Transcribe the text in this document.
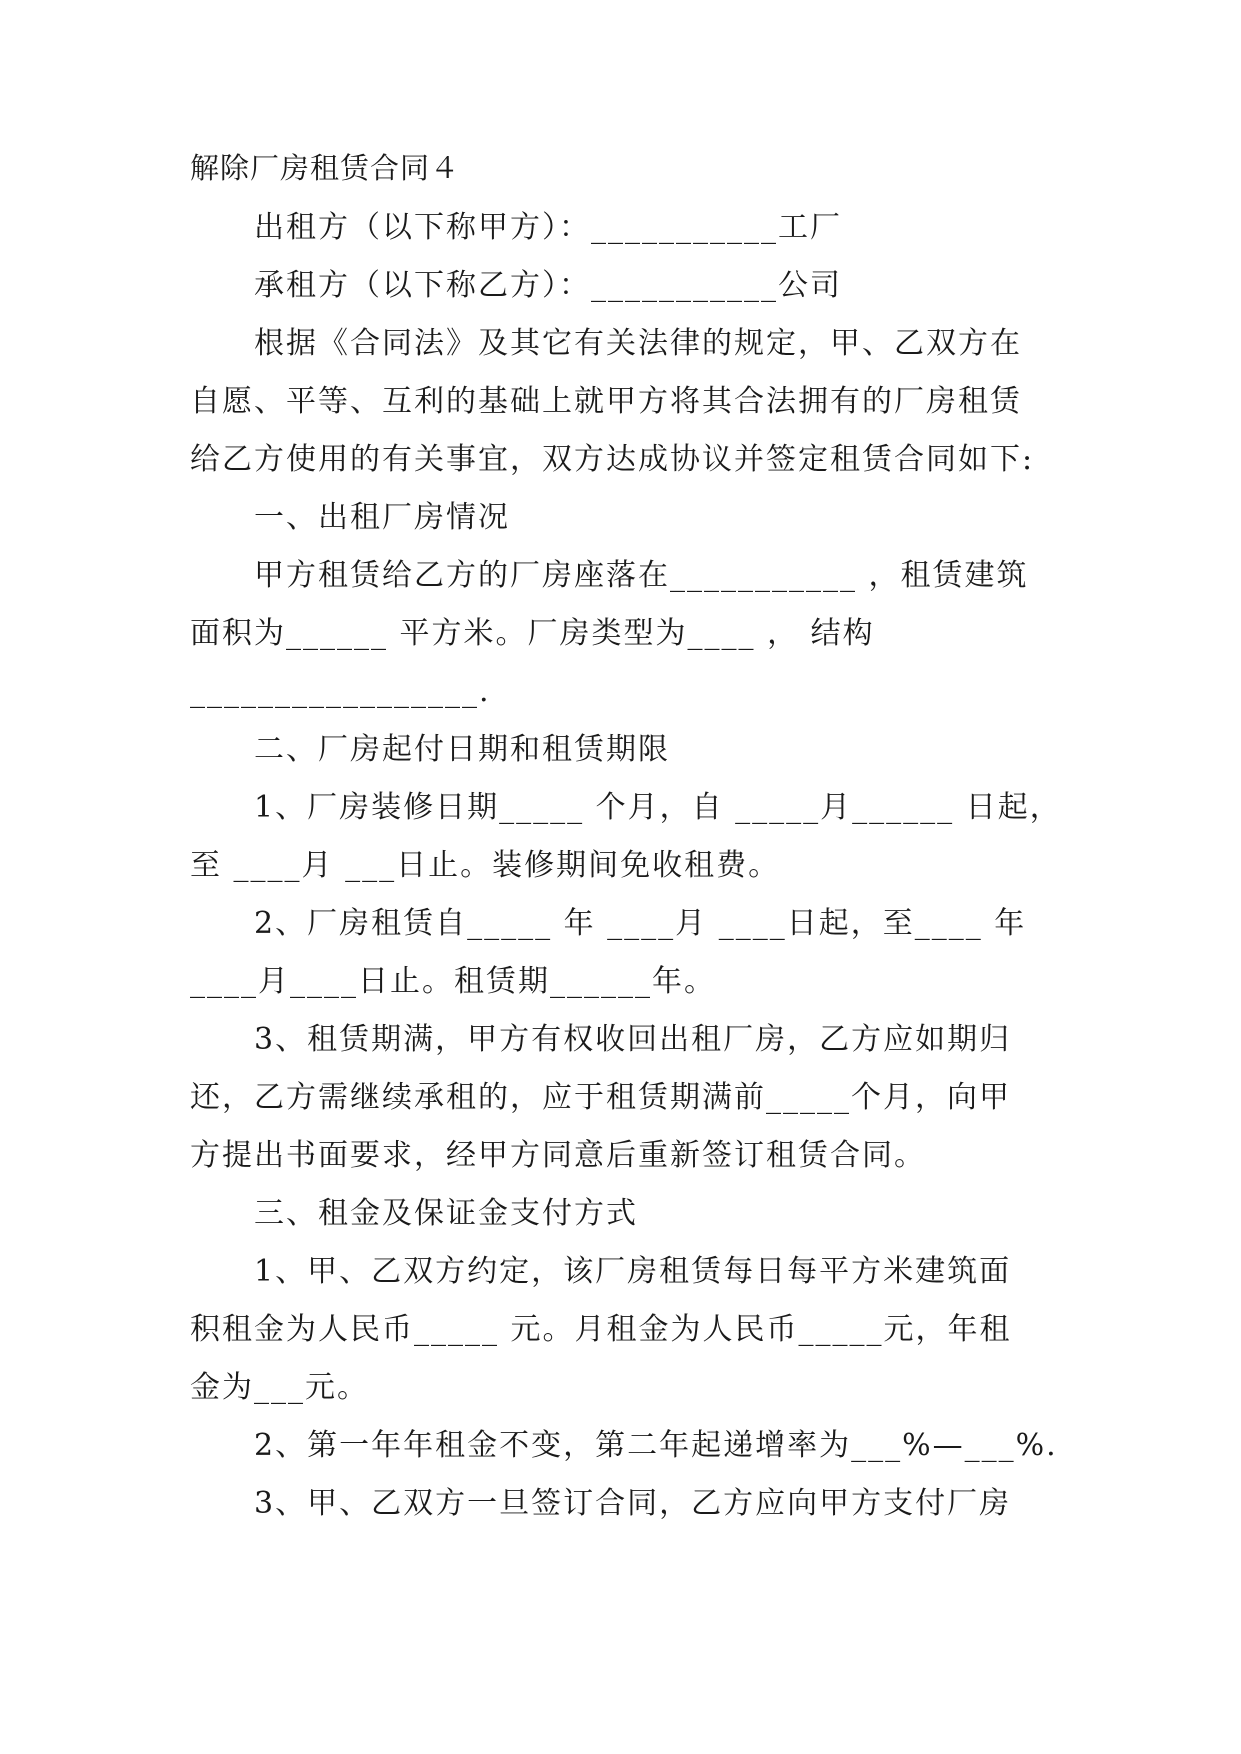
解除厂房租赁合同４
出租方（以下称甲方）：___________工厂
承租方（以下称乙方）：___________公司
根据《合同法》及其它有关法律的规定，甲、乙双方在
自愿、平等、互利的基础上就甲方将其合法拥有的厂房租赁
给乙方使用的有关事宜，双方达成协议并签定租赁合同如下:
一、出租厂房情况
甲方租赁给乙方的厂房座落在___________ ，租赁建筑
面积为______ 平方米。厂房类型为____ ， 结构
_________________.
二、厂房起付日期和租赁期限
1、厂房装修日期_____ 个月，自 _____月______ 日起，
至 ____月 ___日止。装修期间免收租费。
2、厂房租赁自_____ 年 ____月 ____日起，至____ 年
____月____日止。租赁期______年。
3、租赁期满，甲方有权收回出租厂房，乙方应如期归
还，乙方需继续承租的，应于租赁期满前_____个月，向甲
方提出书面要求，经甲方同意后重新签订租赁合同。
三、租金及保证金支付方式
1、甲、乙双方约定，该厂房租赁每日每平方米建筑面
积租金为人民币_____ 元。月租金为人民币_____元，年租
金为___元。
2、第一年年租金不变，第二年起递增率为___%—___%.
3、甲、乙双方一旦签订合同，乙方应向甲方支付厂房
